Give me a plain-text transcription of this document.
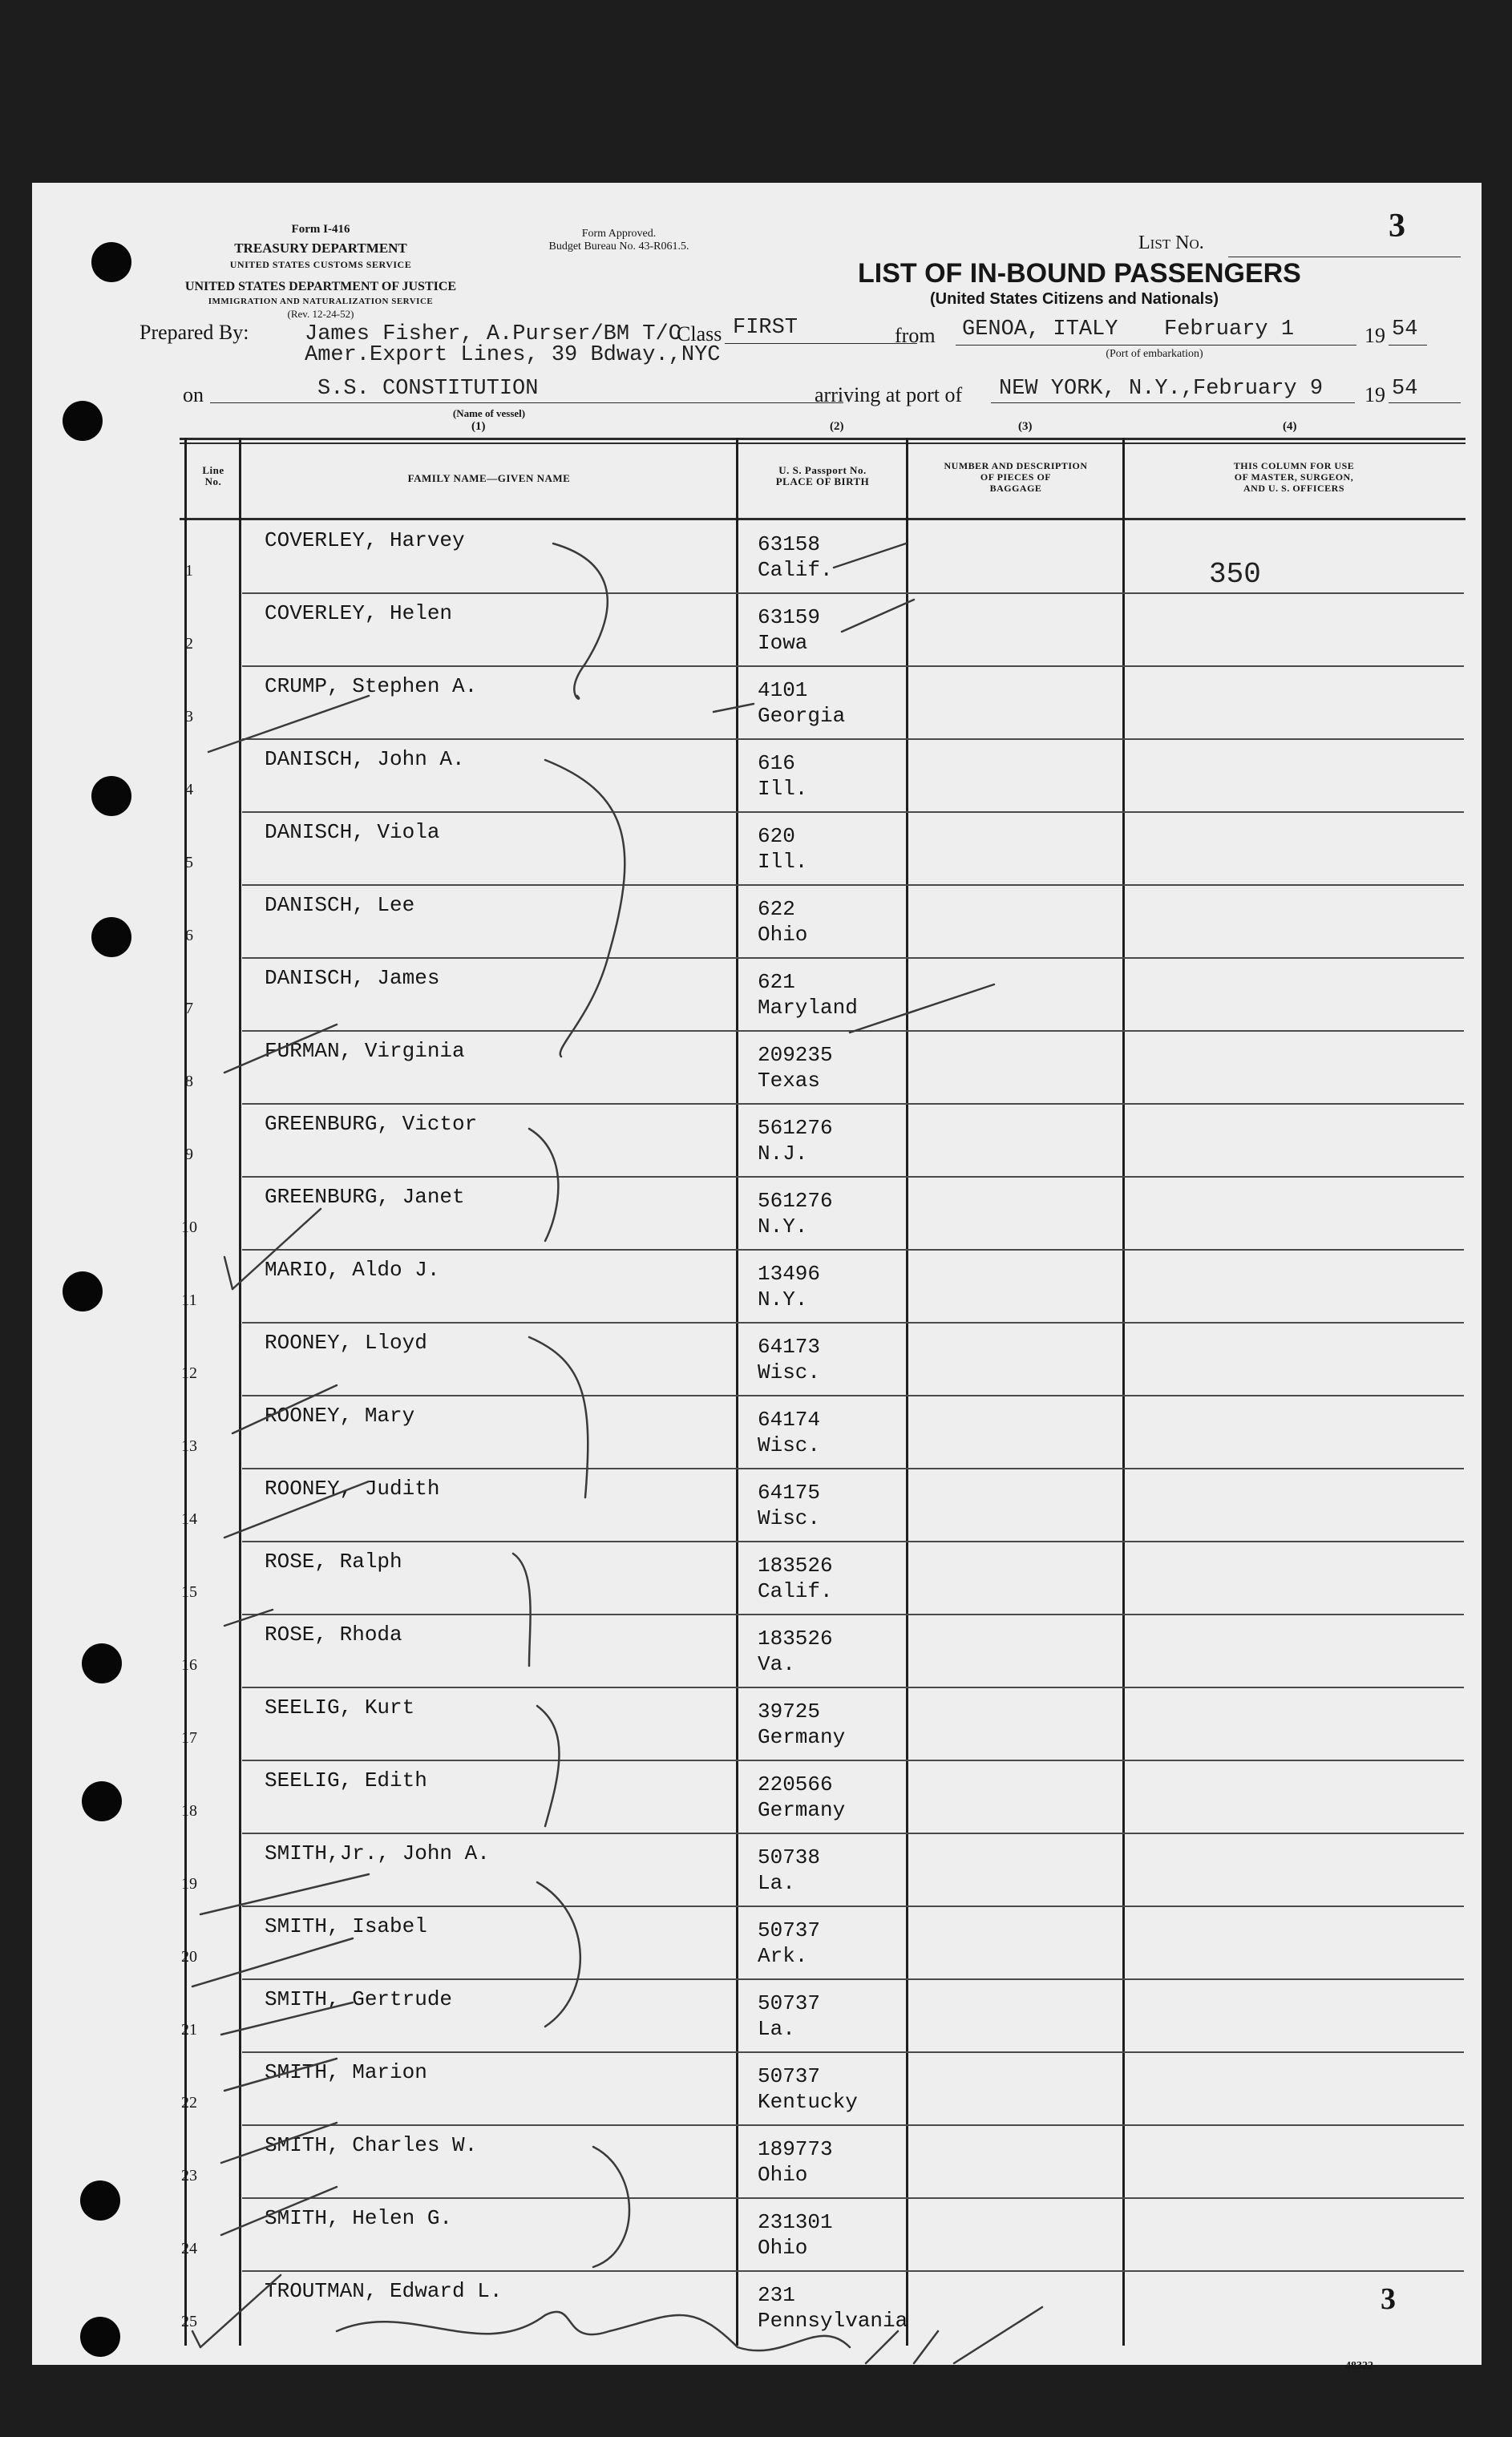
Form I-416
TREASURY DEPARTMENT
UNITED STATES CUSTOMS SERVICE
UNITED STATES DEPARTMENT OF JUSTICE
IMMIGRATION AND NATURALIZATION SERVICE
(Rev. 12-24-52)
Form Approved.
Budget Bureau No. 43-R061.5.	List No.	3
LIST OF IN-BOUND PASSENGERS
(United States Citizens and Nationals)
Prepared By:	James Fisher, A.Purser/BM T/C
Amer.Export Lines, 39 Bdway.,NYC
Class FIRST	from GENOA, ITALY February 1	19 54
(Port of embarkation)
on	S.S. CONSTITUTION
(Name of vessel)
arriving at port of NEW YORK, N.Y.,
February 9 19 54
(1)	(2)	(3)	(4)
Line
No.	FAMILY NAME—GIVEN NAME
U. S. Passport No.
PLACE OF BIRTH
NUMBER AND DESCRIPTION
OF PIECES OF
BAGGAGE
THIS COLUMN FOR USE
OF MASTER, SURGEON,
AND U. S. OFFICERS
1
COVERLEY, Harvey	63158
Calif.
2
COVERLEY, Helen	63159
Iowa
3
CRUMP, Stephen A.	4101
Georgia
4
DANISCH, John A.	616
Ill.
5
DANISCH, Viola	620
Ill.
6
DANISCH, Lee	622
Ohio
7
DANISCH, James	621
Maryland
8
FURMAN, Virginia	209235
Texas
9
GREENBURG, Victor	561276
N.J.
10
GREENBURG, Janet	561276
N.Y.
11
MARIO, Aldo J.	13496
N.Y.
12
ROONEY, Lloyd	64173
Wisc.
13
ROONEY, Mary	64174
Wisc.
14
ROONEY, Judith	64175
Wisc.
15
ROSE, Ralph	183526
Calif.
16
ROSE, Rhoda	183526
Va.
17
SEELIG, Kurt	39725
Germany
18
SEELIG, Edith	220566
Germany
19
SMITH,Jr., John A.	50738
La.
20
SMITH, Isabel	50737
Ark.
21
SMITH, Gertrude	50737
La.
22
SMITH, Marion	50737
Kentucky
23
SMITH, Charles W.	189773
Ohio
24
SMITH, Helen G.	231301
Ohio
25
TROUTMAN, Edward L.	231
Pennsylvania
350
3
48322
